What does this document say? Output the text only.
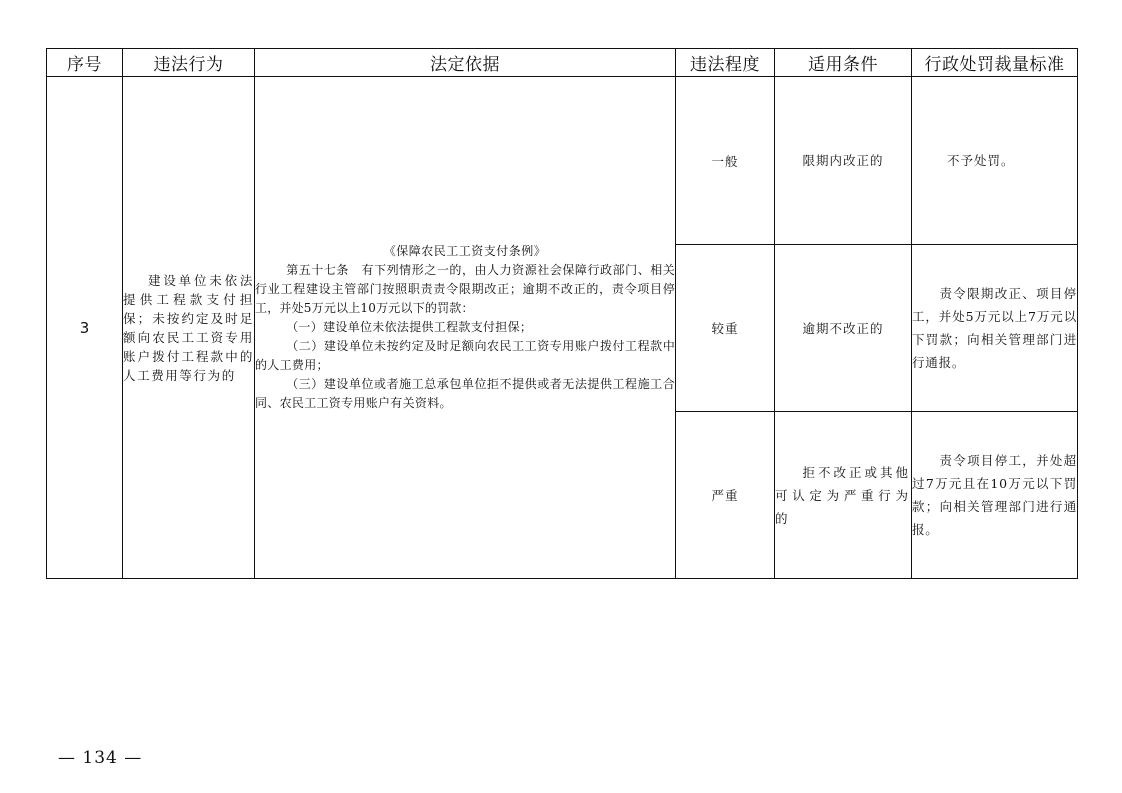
序号	违法行为	法定依据	违法程度	适用条件	行政处罚裁量标准
3	建设单位未依法提供工程款支付担保；未按约定及时足额向农民工工资专用账户拨付工程款中的人工费用等行为的	《保障农民工工资支付条例》
第五十七条　有下列情形之一的，由人力资源社会保障行政部门、相关行业工程建设主管部门按照职责责令限期改正；逾期不改正的，责令项目停工，并处5万元以上10万元以下的罚款：
（一）建设单位未依法提供工程款支付担保；
（二）建设单位未按约定及时足额向农民工工资专用账户拨付工程款中的人工费用；
（三）建设单位或者施工总承包单位拒不提供或者无法提供工程施工合同、农民工工资专用账户有关资料。	一般	限期内改正的	不予处罚。

			较重	逾期不改正的	责令限期改正、项目停工，并处5万元以上7万元以下罚款；向相关管理部门进行通报。

			严重	拒不改正或其他可认定为严重行为的	责令项目停工，并处超过7万元且在10万元以下罚款；向相关管理部门进行通报。
— 134 —
